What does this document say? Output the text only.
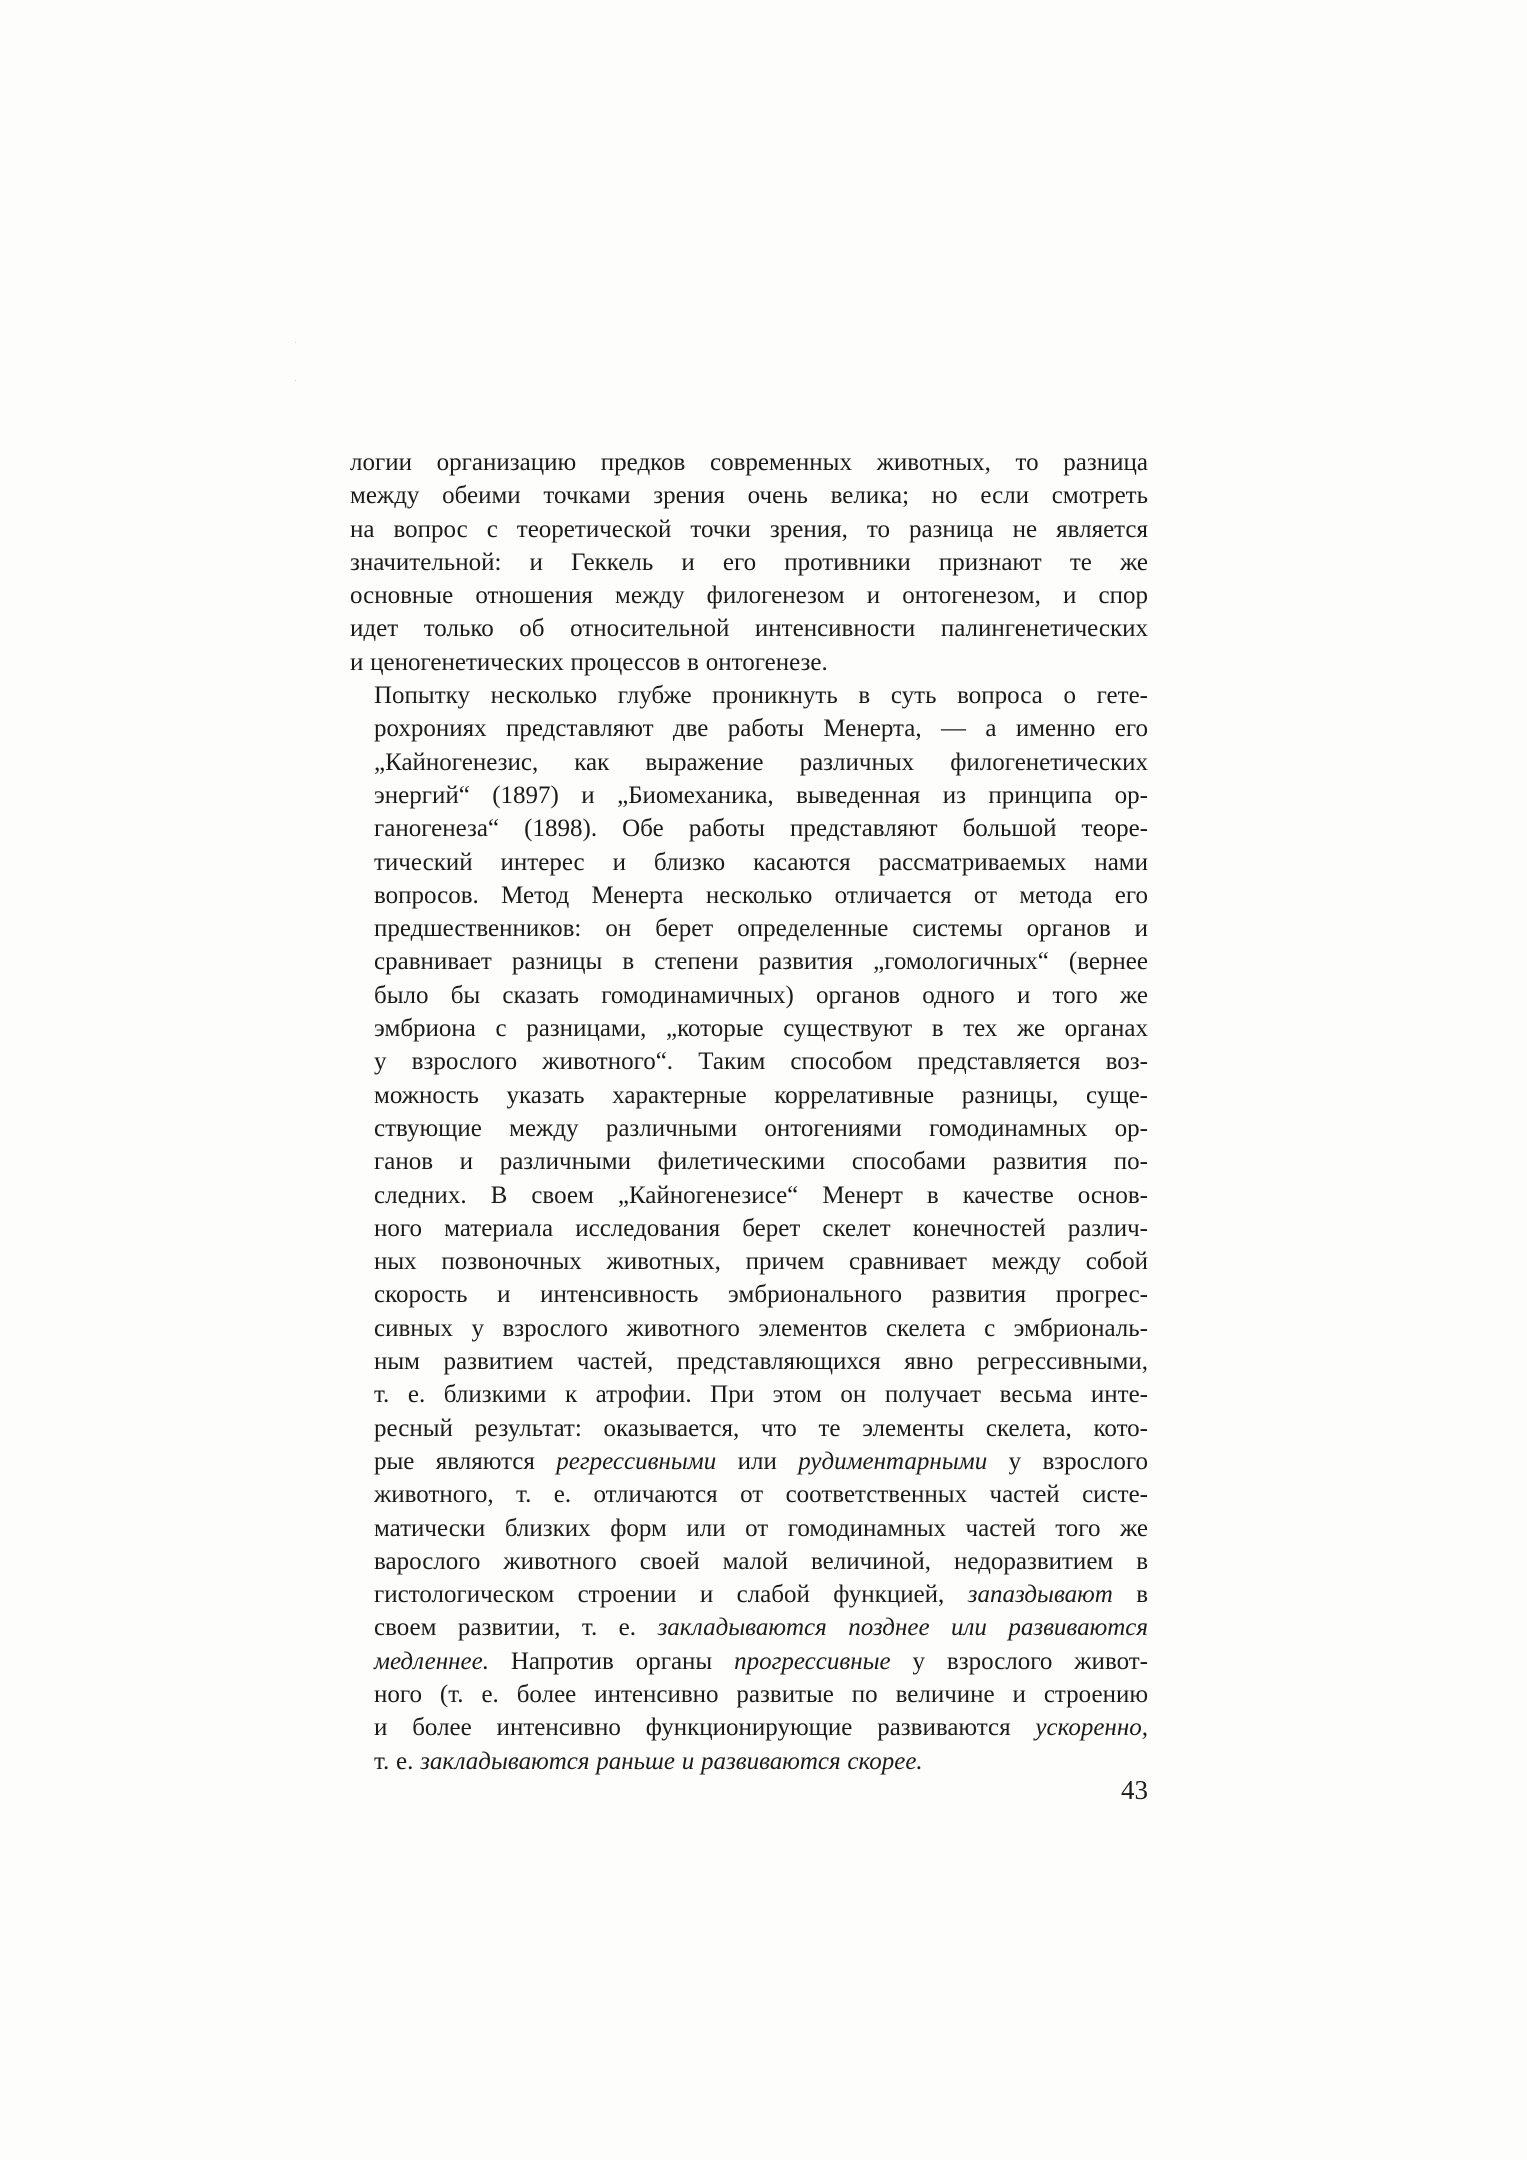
логии организацию предков современных животных, то разница
между обеими точками зрения очень велика; но если смотреть
на вопрос с теоретической точки зрения, то разница не является
значительной: и Геккель и его противники признают те же
основные отношения между филогенезом и онтогенезом, и спор
идет только об относительной интенсивности палингенетических
и ценогенетических процессов в онтогенезе.
Попытку несколько глубже проникнуть в суть вопроса о гете-
рохрониях представляют две работы Менерта, — а именно его
„Кайногенезис, как выражение различных филогенетических
энергий“ (1897) и „Биомеханика, выведенная из принципа ор-
ганогенеза“ (1898). Обе работы представляют большой теоре-
тический интерес и близко касаются рассматриваемых нами
вопросов. Метод Менерта несколько отличается от метода его
предшественников: он берет определенные системы органов и
сравнивает разницы в степени развития „гомологичных“ (вернее
было бы сказать гомодинамичных) органов одного и того же
эмбриона с разницами, „которые существуют в тех же органах
у взрослого животного“. Таким способом представляется воз-
можность указать характерные коррелативные разницы, суще-
ствующие между различными онтогениями гомодинамных ор-
ганов и различными филетическими способами развития по-
следних. В своем „Кайногенезисе“ Менерт в качестве основ-
ного материала исследования берет скелет конечностей различ-
ных позвоночных животных, причем сравнивает между собой
скорость и интенсивность эмбрионального развития прогрес-
сивных у взрослого животного элементов скелета с эмбриональ-
ным развитием частей, представляющихся явно регрессивными,
т. е. близкими к атрофии. При этом он получает весьма инте-
ресный результат: оказывается, что те элементы скелета, кото-
рые являются регрессивными или рудиментарными у взрослого
животного, т. е. отличаются от соответственных частей систе-
матически близких форм или от гомодинамных частей того же
варослого животного своей малой величиной, недоразвитием в
гистологическом строении и слабой функцией, запаздывают в
своем развитии, т. е. закладываются позднее или развиваются
медленнее. Напротив органы прогрессивные у взрослого живот-
ного (т. е. более интенсивно развитые по величине и строению
и более интенсивно функционирующие развиваются ускоренно,
т. е. закладываются раньше и развиваются скорее.
43
